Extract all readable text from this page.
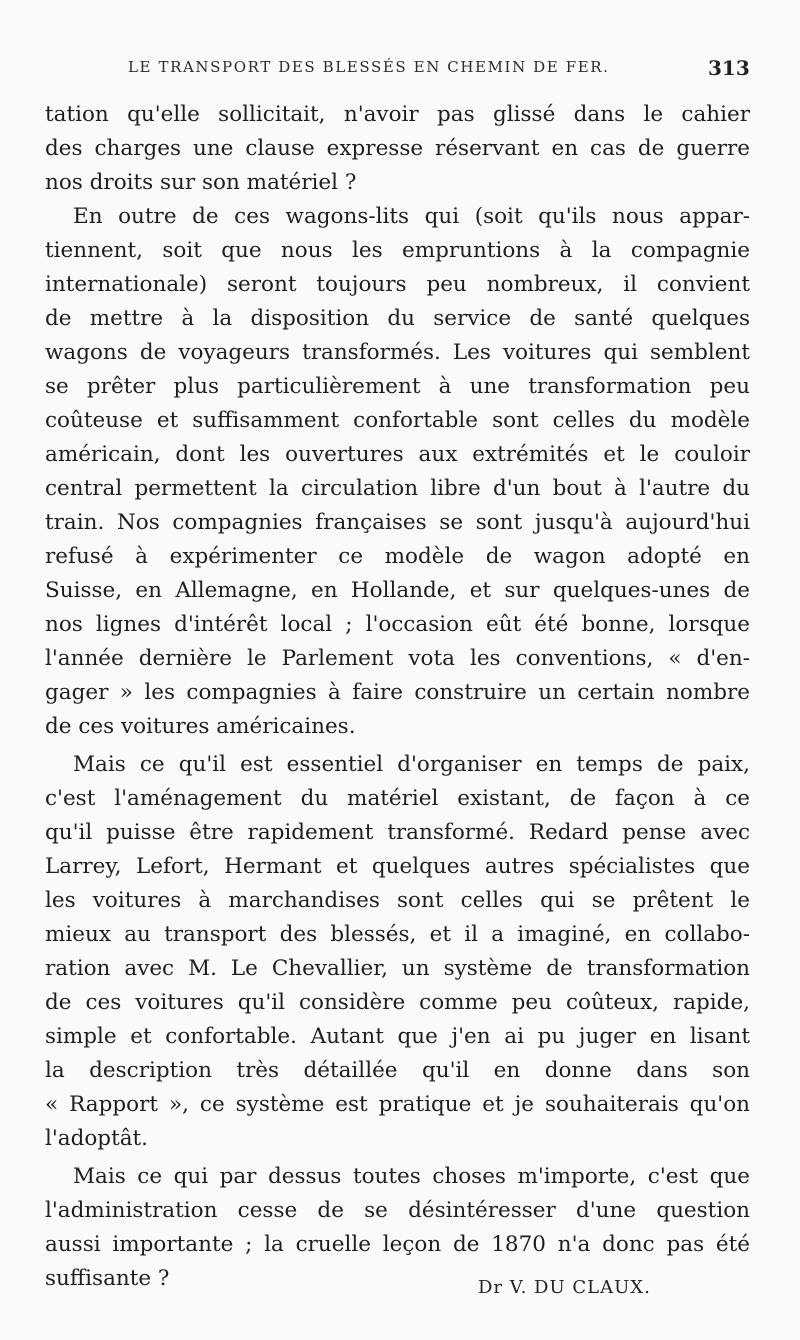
LE TRANSPORT DES BLESSÉS EN CHEMIN DE FER.	313
tation qu'elle sollicitait, n'avoir pas glissé dans le cahier
des charges une clause expresse réservant en cas de guerre
nos droits sur son matériel ?
En outre de ces wagons-lits qui (soit qu'ils nous appar-
tiennent, soit que nous les empruntions à la compagnie
internationale) seront toujours peu nombreux, il convient
de mettre à la disposition du service de santé quelques
wagons de voyageurs transformés. Les voitures qui semblent
se prêter plus particulièrement à une transformation peu
coûteuse et suffisamment confortable sont celles du modèle
américain, dont les ouvertures aux extrémités et le couloir
central permettent la circulation libre d'un bout à l'autre du
train. Nos compagnies françaises se sont jusqu'à aujourd'hui
refusé à expérimenter ce modèle de wagon adopté en
Suisse, en Allemagne, en Hollande, et sur quelques-unes de
nos lignes d'intérêt local ; l'occasion eût été bonne, lorsque
l'année dernière le Parlement vota les conventions, « d'en-
gager » les compagnies à faire construire un certain nombre
de ces voitures américaines.
Mais ce qu'il est essentiel d'organiser en temps de paix,
c'est l'aménagement du matériel existant, de façon à ce
qu'il puisse être rapidement transformé. Redard pense avec
Larrey, Lefort, Hermant et quelques autres spécialistes que
les voitures à marchandises sont celles qui se prêtent le
mieux au transport des blessés, et il a imaginé, en collabo-
ration avec M. Le Chevallier, un système de transformation
de ces voitures qu'il considère comme peu coûteux, rapide,
simple et confortable. Autant que j'en ai pu juger en lisant
la description très détaillée qu'il en donne dans son
« Rapport », ce système est pratique et je souhaiterais qu'on
l'adoptât.
Mais ce qui par dessus toutes choses m'importe, c'est que
l'administration cesse de se désintéresser d'une question
aussi importante ; la cruelle leçon de 1870 n'a donc pas été
suffisante ?	Dr V. DU CLAUX.
